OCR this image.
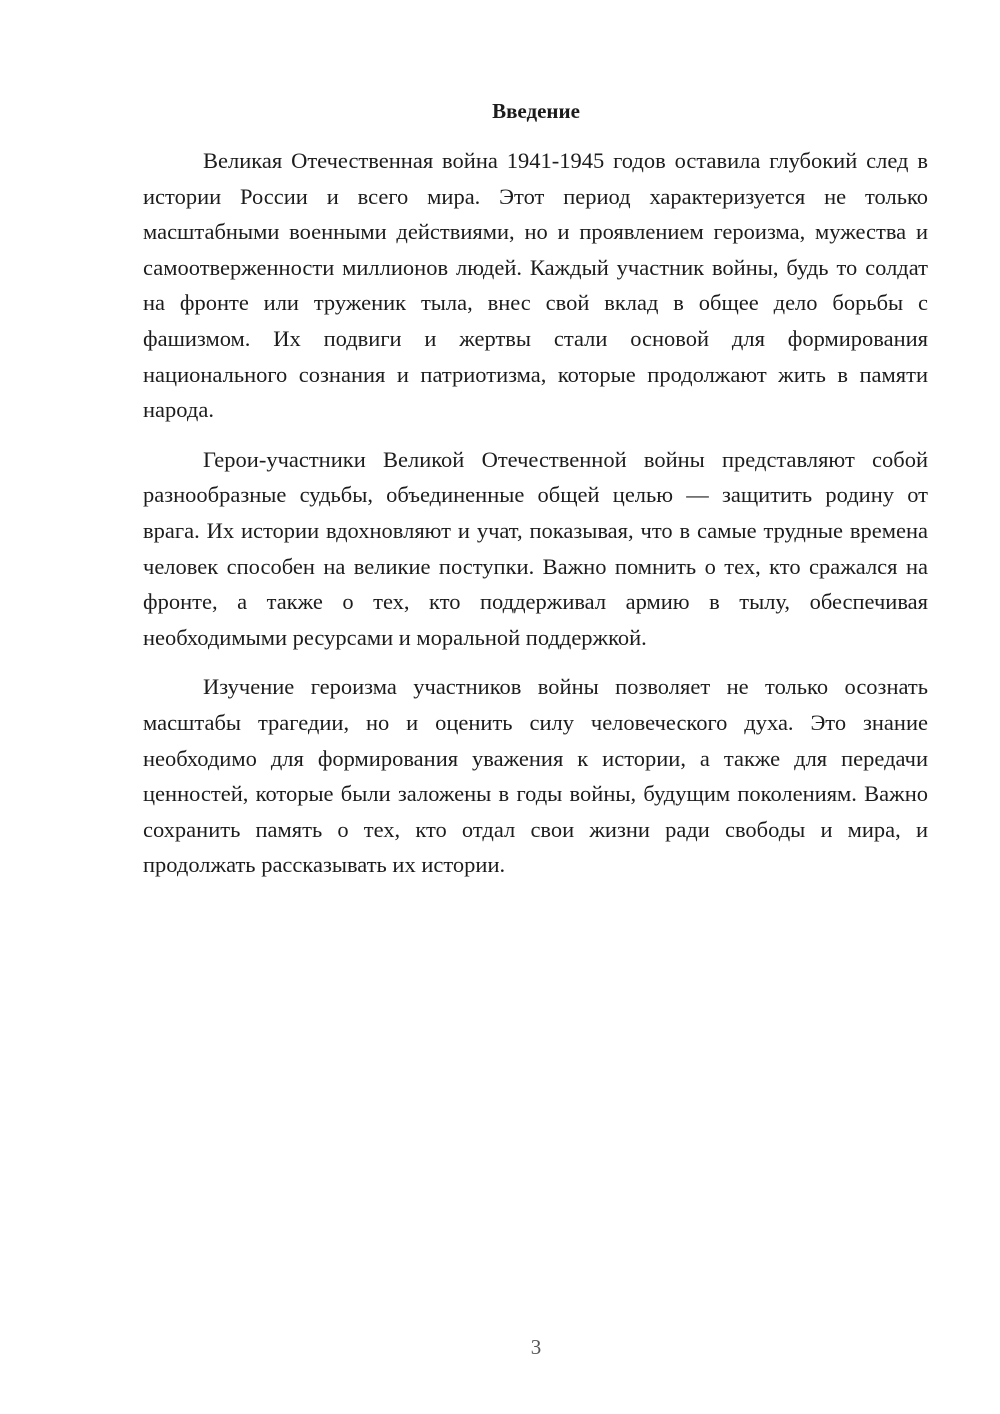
Введение

Великая Отечественная война 1941-1945 годов оставила глубокий след в истории России и всего мира. Этот период характеризуется не только масштабными военными действиями, но и проявлением героизма, мужества и самоотверженности миллионов людей. Каждый участник войны, будь то солдат на фронте или труженик тыла, внес свой вклад в общее дело борьбы с фашизмом. Их подвиги и жертвы стали основой для формирования национального сознания и патриотизма, которые продолжают жить в памяти народа.

Герои-участники Великой Отечественной войны представляют собой разнообразные судьбы, объединенные общей целью — защитить родину от врага. Их истории вдохновляют и учат, показывая, что в самые трудные времена человек способен на великие поступки. Важно помнить о тех, кто сражался на фронте, а также о тех, кто поддерживал армию в тылу, обеспечивая необходимыми ресурсами и моральной поддержкой.

Изучение героизма участников войны позволяет не только осознать масштабы трагедии, но и оценить силу человеческого духа. Это знание необходимо для формирования уважения к истории, а также для передачи ценностей, которые были заложены в годы войны, будущим поколениям. Важно сохранить память о тех, кто отдал свои жизни ради свободы и мира, и продолжать рассказывать их истории.

3
